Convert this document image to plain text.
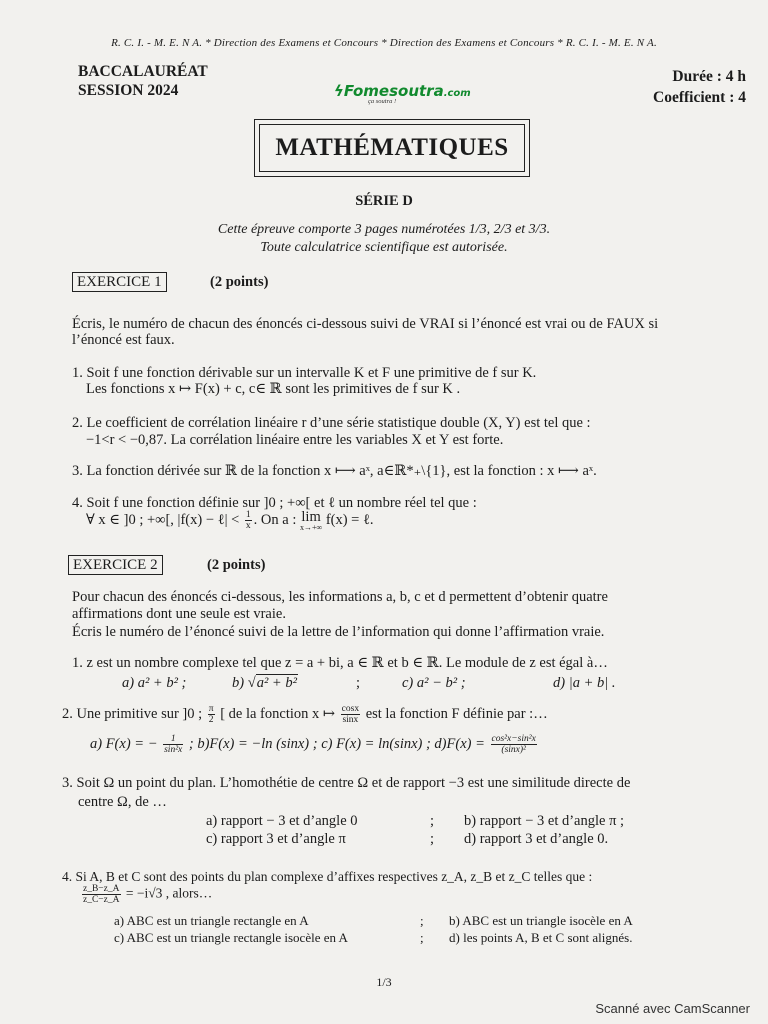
R. C. I. - M. E. N A. * Direction des Examens et Concours * Direction des Examens et Concours * R. C. I. - M. E. N A.
BACCALAURÉAT
SESSION 2024
Durée : 4 h
Coefficient : 4
ϟFomesoutra.com
ça soutra !
MATHÉMATIQUES
SÉRIE D
Cette épreuve comporte 3 pages numérotées 1/3, 2/3 et 3/3.
Toute calculatrice scientifique est autorisée.
EXERCICE 1	(2 points)
Écris, le numéro de chacun des énoncés ci-dessous suivi de VRAI si l’énoncé est vrai ou de FAUX si
l’énoncé est faux.
1. Soit f une fonction dérivable sur un intervalle K et F une primitive de f sur K.
Les fonctions x ↦ F(x) + c, c∈ ℝ sont les primitives de f sur K .
2. Le coefficient de corrélation linéaire r d’une série statistique double (X, Y) est tel que :
−1<r < −0,87. La corrélation linéaire entre les variables X et Y est forte.
3. La fonction dérivée sur ℝ de la fonction x ⟼ aˣ, a∈ℝ*₊\{1}, est la fonction : x ⟼ aˣ.
4. Soit f une fonction définie sur ]0 ; +∞[ et ℓ un nombre réel tel que :
∀ x ∈ ]0 ; +∞[, |f(x) − ℓ| < $\frac{1}{x}$ . On a : lim
x→+∞ f(x) = ℓ.
EXERCICE 2	(2 points)
Pour chacun des énoncés ci-dessous, les informations a, b, c et d permettent d’obtenir quatre
affirmations dont une seule est vraie.
Écris le numéro de l’énoncé suivi de la lettre de l’information qui donne l’affirmation vraie.
1. z est un nombre complexe tel que z = a + bi, a ∈ ℝ et b ∈ ℝ. Le module de z est égal à…
a) a² + b² ;	b) √a² + b²	;	c) a² − b² ;	d) |a + b| .
2. Une primitive sur ]0 ; $\frac{\pi}{2}$ [ de la fonction x ↦ $\frac{\cos x}{\sin x}$ est la fonction F définie par :…
a) F(x) = − $\frac{1}{\text{sin²x}}$ ; b)F(x) = −ln (sinx) ; c) F(x) = ln(sinx) ; $d)F(x) = \frac{\text{cos²x−sin²x}}{\text{(sinx)²}}$
3. Soit Ω un point du plan. L’homothétie de centre Ω et de rapport −3 est une similitude directe de
centre Ω, de …
a) rapport − 3 et d’angle 0	; b) rapport − 3 et d’angle π ;
c) rapport 3 et d’angle π	; d) rapport 3 et d’angle 0.
4. Si A, B et C sont des points du plan complexe d’affixes respectives z_A, z_B et z_C telles que :
$\frac{z\_B-z\_A}{z\_C-z\_A} = -i√3$ , alors…
a) ABC est un triangle rectangle en A	; b) ABC est un triangle isocèle en A
c) ABC est un triangle rectangle isocèle en A	; d) les points A, B et C sont alignés.
1/3
Scanné avec CamScanner
